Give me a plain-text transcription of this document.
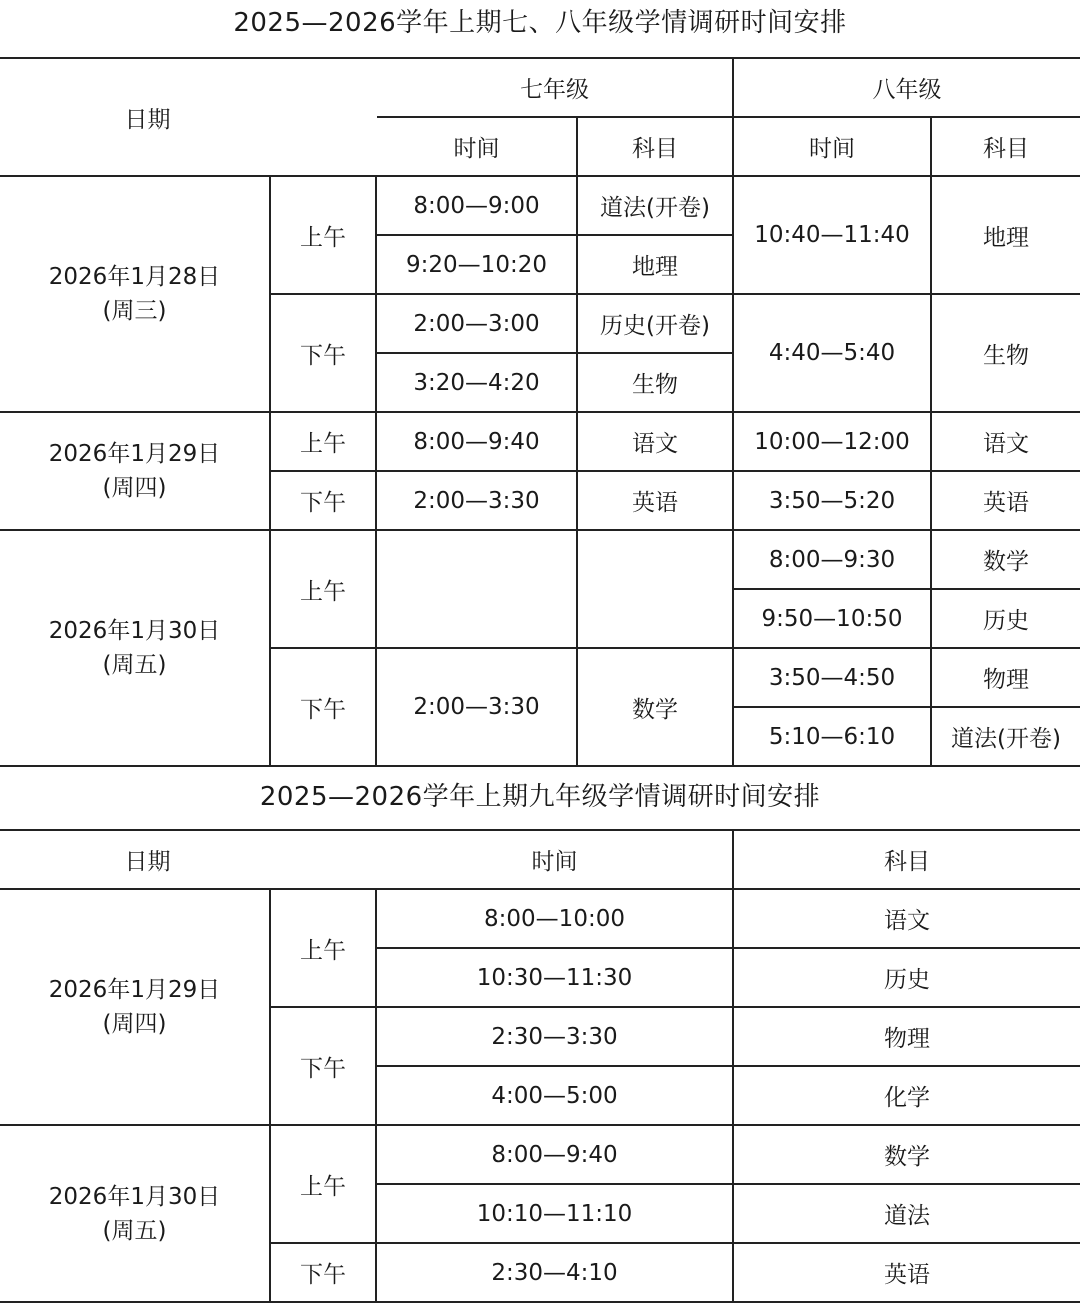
2025—2026学年上期七、八年级学情调研时间安排
日期		七年级		八年级	
		时间	科目	时间	科目

2026年1月28日
(周三)	上午	8:00—9:00	道法(开卷)	10:40—11:40	地理
		9:20—10:20	地理		
	下午	2:00—3:00	历史(开卷)	4:40—5:40	生物
		3:20—4:20	生物		

2026年1月29日
(周四)	上午	8:00—9:40	语文	10:00—12:00	语文
	下午	2:00—3:30	英语	3:50—5:20	英语

2026年1月30日
(周五)	上午			8:00—9:30	数学
				9:50—10:50	历史
	下午	2:00—3:30	数学	3:50—4:50	物理
				5:10—6:10	道法(开卷)
2025—2026学年上期九年级学情调研时间安排
日期		时间	科目

2026年1月29日
(周四)	上午	8:00—10:00	语文
		10:30—11:30	历史
	下午	2:30—3:30	物理
		4:00—5:00	化学

2026年1月30日
(周五)	上午	8:00—9:40	数学
		10:10—11:10	道法
	下午	2:30—4:10	英语
